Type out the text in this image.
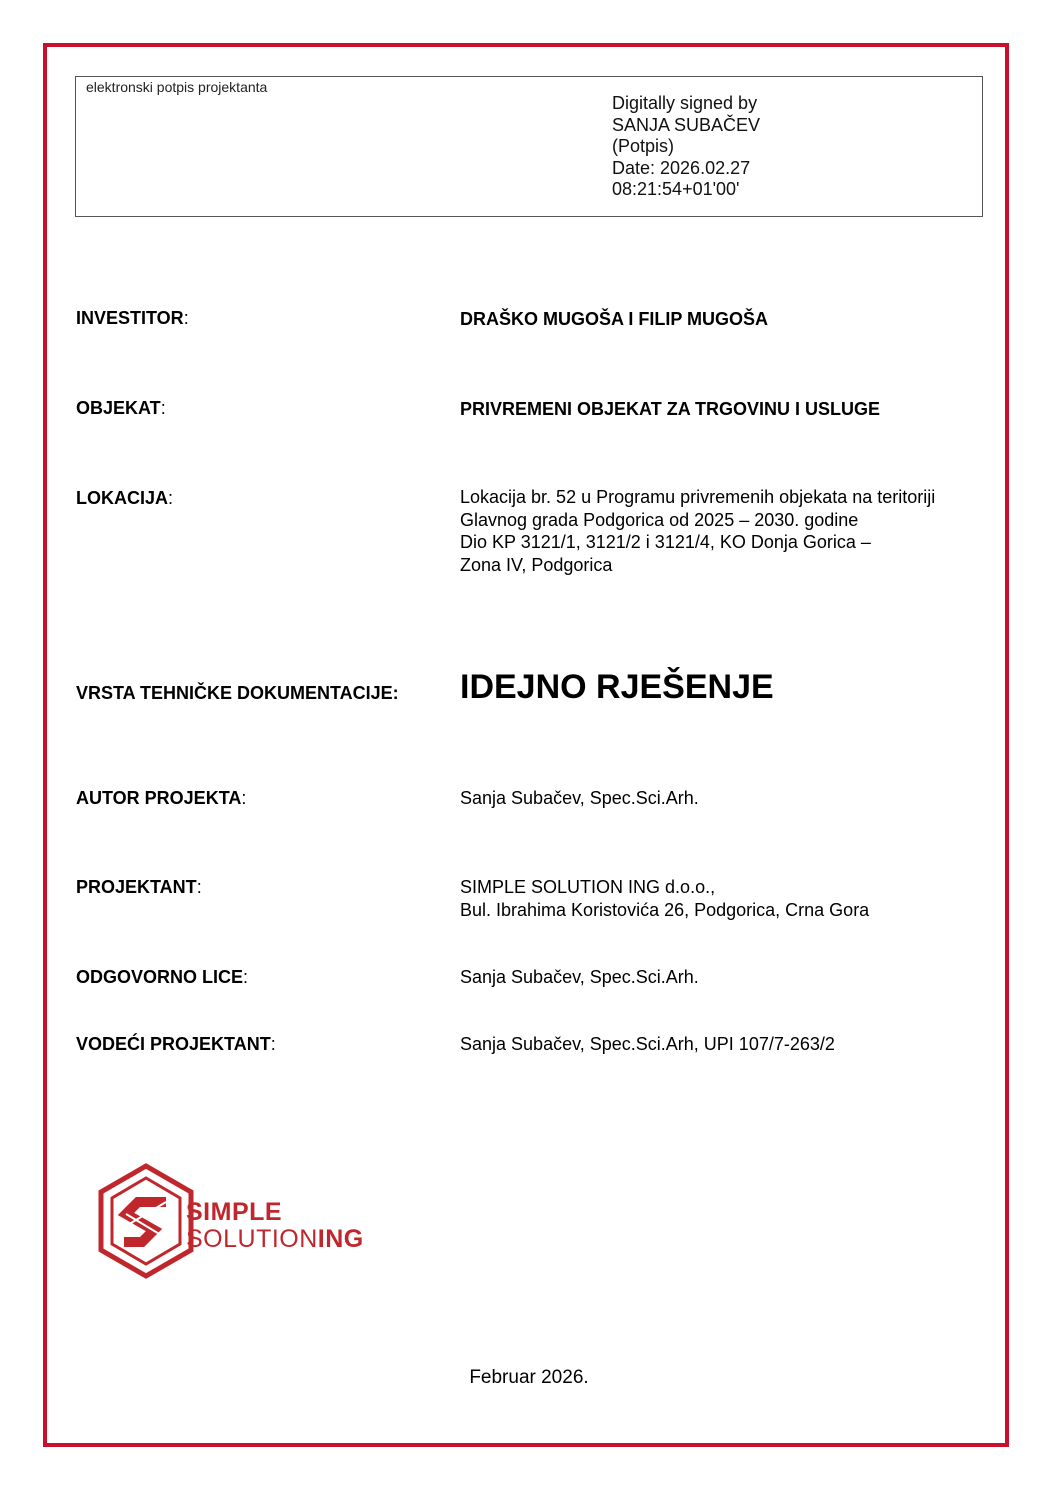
elektronski potpis projektanta
Digitally signed by
SANJA SUBAČEV
(Potpis)
Date: 2026.02.27
08:21:54+01'00'
INVESTITOR:	DRAŠKO MUGOŠA I FILIP MUGOŠA
OBJEKAT:	PRIVREMENI OBJEKAT ZA TRGOVINU I USLUGE
LOKACIJA:	Lokacija br. 52 u Programu privremenih objekata na teritoriji
Glavnog grada Podgorica od 2025 – 2030. godine
Dio KP 3121/1, 3121/2 i 3121/4, KO Donja Gorica –
Zona IV, Podgorica
VRSTA TEHNIČKE DOKUMENTACIJE: IDEJNO RJEŠENJE
AUTOR PROJEKTA:	Sanja Subačev, Spec.Sci.Arh.
PROJEKTANT:	SIMPLE SOLUTION ING d.o.o.,
Bul. Ibrahima Koristovića 26, Podgorica, Crna Gora
ODGOVORNO LICE:	Sanja Subačev, Spec.Sci.Arh.
VODEĆI PROJEKTANT:	Sanja Subačev, Spec.Sci.Arh, UPI 107/7-263/2
SIMPLE
SOLUTIONING
Februar 2026.
